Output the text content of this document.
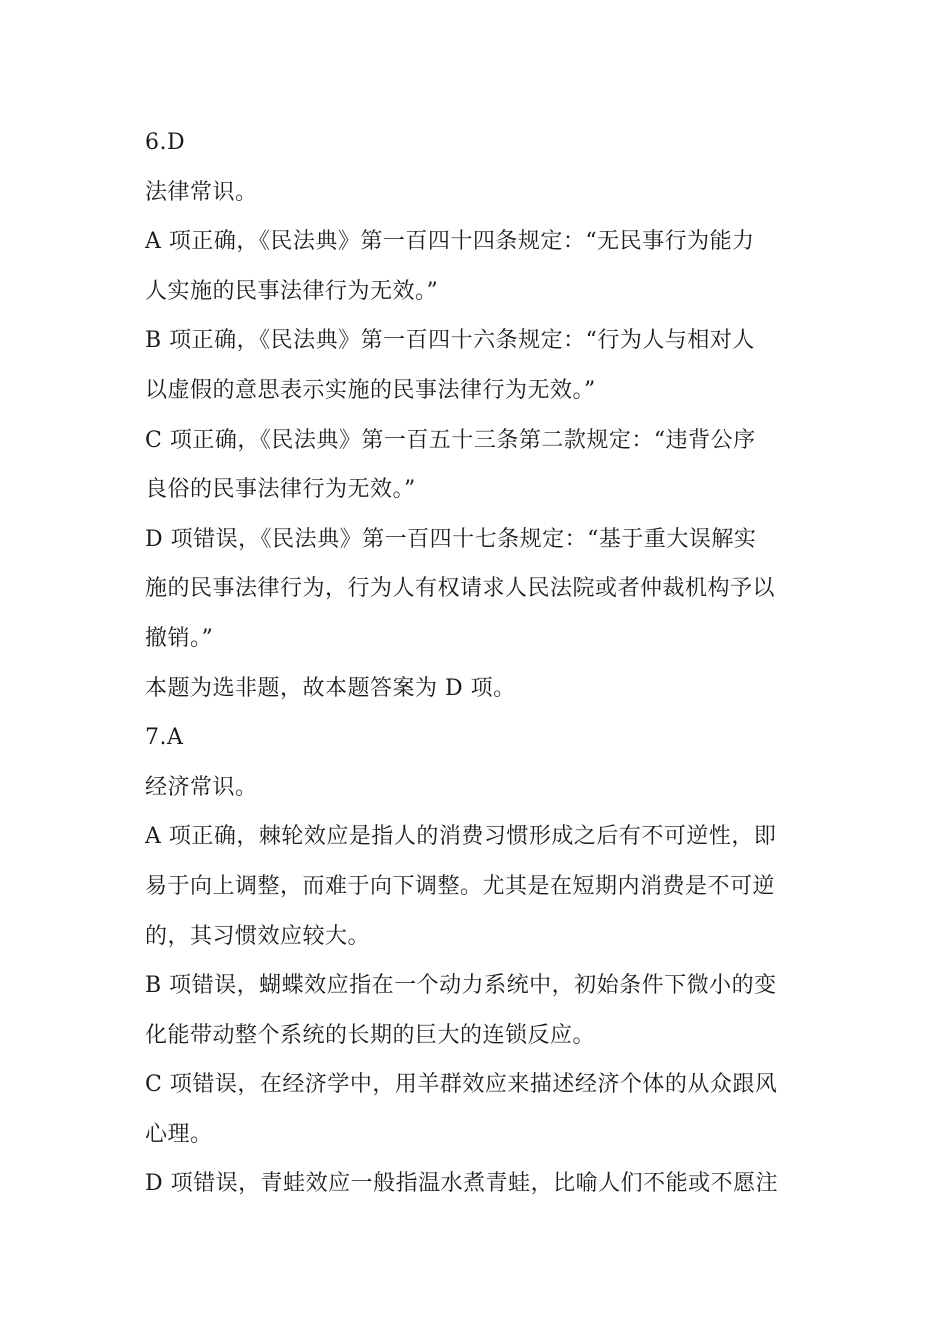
6.D

法律常识。

A 项正确，《民法典》第一百四十四条规定：“无民事行为能力

人实施的民事法律行为无效。”

B 项正确，《民法典》第一百四十六条规定：“行为人与相对人

以虚假的意思表示实施的民事法律行为无效。”

C 项正确，《民法典》第一百五十三条第二款规定：“违背公序

良俗的民事法律行为无效。”

D 项错误，《民法典》第一百四十七条规定：“基于重大误解实

施的民事法律行为，行为人有权请求人民法院或者仲裁机构予以

撤销。”

本题为选非题，故本题答案为 D 项。

7.A

经济常识。

A 项正确，棘轮效应是指人的消费习惯形成之后有不可逆性，即

易于向上调整，而难于向下调整。尤其是在短期内消费是不可逆

的，其习惯效应较大。

B 项错误，蝴蝶效应指在一个动力系统中，初始条件下微小的变

化能带动整个系统的长期的巨大的连锁反应。

C 项错误，在经济学中，用羊群效应来描述经济个体的从众跟风

心理。

D 项错误，青蛙效应一般指温水煮青蛙，比喻人们不能或不愿注
